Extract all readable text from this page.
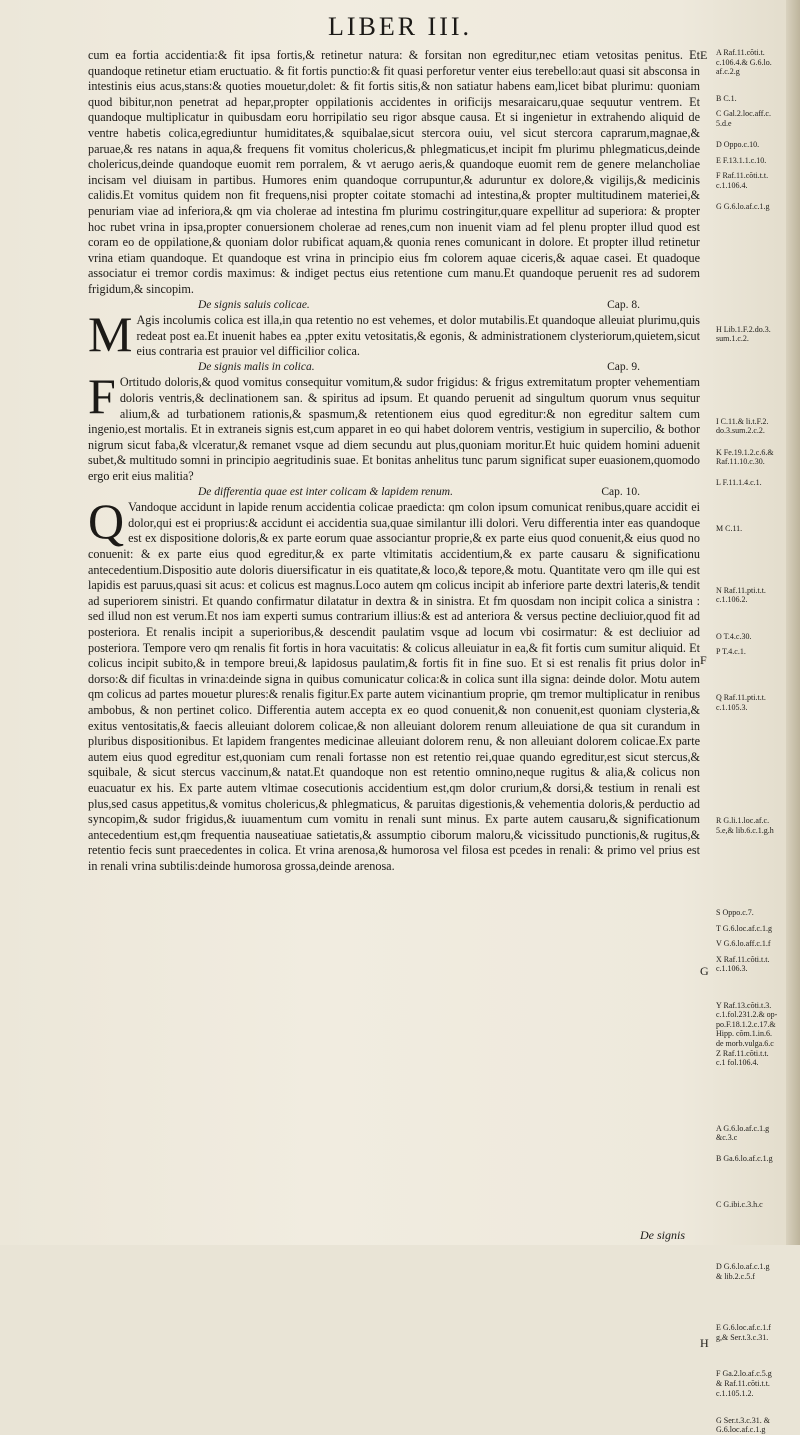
LIBER III.

cum ea fortia accidentia:& fit ipsa fortis,& retinetur natura: & forsitan non egreditur,nec etiam vetositas penitus. Et quandoque retinetur etiam eructuatio. & fit fortis punctio:& fit quasi perforetur venter eius terebello:aut quasi sit absconsa in intestinis eius acus,stans:& quoties mouetur,dolet: & fit fortis sitis,& non satiatur habens eam,licet bibat plurimu: quoniam quod bibitur,non penetrat ad hepar,propter oppilationis accidentes in orificijs mesaraicaru,quae sequutur ventrem. Et quandoque multiplicatur in quibusdam eoru horripilatio seu rigor absque causa. Et si ingenietur in extrahendo aliquid de ventre habetis colica,egrediuntur humiditates,& squibalae,sicut stercora ouiu, vel sicut stercora caprarum,magnae,& paruae,& res natans in aqua,& frequens fit vomitus cholericus,& phlegmaticus,et incipit fm plurimu phlegmaticus,deinde cholericus,deinde quandoque euomit rem porralem, & vt aerugo aeris,& quandoque euomit rem de genere melancholiae incisam vel diuisam in partibus. Humores enim quandoque corrupuntur,& aduruntur ex dolore,& vigilijs,& medicinis calidis.Et vomitus quidem non fit frequens,nisi propter coitate stomachi ad intestina,& propter multitudinem materiei,& penuriam viae ad inferiora,& qm via cholerae ad intestina fm plurimu costringitur,quare expellitur ad superiora: & propter hoc rubet vrina in ipsa,propter conuersionem cholerae ad renes,cum non inuenit viam ad fel plenu propter illud quod est coram eo de oppilatione,& quoniam dolor rubificat aquam,& quonia renes comunicant in dolore. Et propter illud retinetur vrina etiam quandoque. Et quandoque est vrina in principio eius fm colorem aquae ciceris,& aquae casei. Et quadoque associatur ei tremor cordis maximus: & indiget pectus eius retentione cum manu.Et quandoque peruenit res ad sudorem frigidum,& sincopim.

De signis saluis colicae.	Cap. 8.

M Agis incolumis colica est illa,in qua retentio no est vehemes, et dolor mutabilis.Et quandoque alleuiat plurimu,quis redeat post ea.Et inuenit habes ea ,ppter exitu vetositatis,& egonis, & administrationem clysteriorum,quietem,sicut eius contraria est prauior vel difficilior colica.

De signis malis in colica.	Cap. 9.

F Ortitudo doloris,& quod vomitus consequitur vomitum,& sudor frigidus: & frigus extremitatum propter vehementiam doloris ventris,& declinationem san. & spiritus ad ipsum. Et quando peruenit ad singultum quorum vnus sequitur alium,& ad turbationem rationis,& spasmum,& retentionem eius quod egreditur:& non egreditur saltem cum ingenio,est mortalis. Et in extraneis signis est,cum apparet in eo qui habet dolorem ventris, vestigium in supercilio, & bothor nigrum sicut faba,& vlceratur,& remanet vsque ad diem secundu aut plus,quoniam moritur.Et huic quidem homini aduenit subet,& multitudo somni in principio aegritudinis suae. Et bonitas anhelitus tunc parum significat super euasionem,quomodo ergo erit eius malitia?

De differentia quae est inter colicam & lapidem renum.	Cap. 10.

Q Vandoque accidunt in lapide renum accidentia colicae praedicta: qm colon ipsum comunicat renibus,quare accidit ei dolor,qui est ei proprius:& accidunt ei accidentia sua,quae similantur illi dolori. Veru differentia inter eas quandoque est ex dispositione doloris,& ex parte eorum quae associantur proprie,& ex parte eius quod conuenit,& eius quod no conuenit: & ex parte eius quod egreditur,& ex parte vltimitatis accidentium,& ex parte causaru & significationu antecedentium.Dispositio aute doloris diuersificatur in eis quatitate,& loco,& tepore,& motu. Quantitate vero qm ille qui est lapidis est paruus,quasi sit acus: et colicus est magnus.Loco autem qm colicus incipit ab inferiore parte dextri lateris,& tendit ad superiorem sinistri. Et quando confirmatur dilatatur in dextra & in sinistra. Et fm quosdam non incipit colica a sinistra : sed illud non est verum.Et nos iam experti sumus contrarium illius:& est ad anteriora & versus pectine decliuior,quod fit ad posteriora. Et renalis incipit a superioribus,& descendit paulatim vsque ad locum vbi cosirmatur: & est decliuior ad posteriora. Tempore vero qm renalis fit fortis in hora vacuitatis: & colicus alleuiatur in ea,& fit fortis cum sumitur aliquid. Et colicus incipit subito,& in tempore breui,& lapidosus paulatim,& fortis fit in fine suo. Et si est renalis fit prius dolor in dorso:& dif ficultas in vrina:deinde signa in quibus comunicatur colica:& in colica sunt illa signa: deinde dolor. Motu autem qm colicus ad partes mouetur plures:& renalis figitur.Ex parte autem vicinantium proprie, qm tremor multiplicatur in renibus ambobus, & non pertinet colico. Differentia autem accepta ex eo quod conuenit,& non conuenit,est quoniam clysteria,& exitus ventositatis,& faecis alleuiant dolorem colicae,& non alleuiant dolorem renum alleuiatione de qua sit curandum in pluribus dispositionibus. Et lapidem frangentes medicinae alleuiant dolorem renu, & non alleuiant dolorem colicae.Ex parte autem eius quod egreditur est,quoniam cum renali fortasse non est retentio rei,quae quando egreditur,est sicut stercus,& squibale, & sicut stercus vaccinum,& natat.Et quandoque non est retentio omnino,neque rugitus & alia,& colicus non euacuatur ex his. Ex parte autem vltimae cosecutionis accidentium est,qm dolor crurium,& dorsi,& testium in renali est plus,sed casus appetitus,& vomitus cholericus,& phlegmaticus, & paruitas digestionis,& vehementia doloris,& perductio ad syncopim,& sudor frigidus,& iuuamentum cum vomitu in renali sunt minus. Ex parte autem causaru,& significationum antecedentium est,qm frequentia nauseatiuae satietatis,& assumptio ciborum maloru,& vicissitudo punctionis,& rugitus,& retentio fecis sunt praecedentes in colica. Et vrina arenosa,& humorosa vel filosa est pcedes in renali: & primo vel prius est in renali vrina subtilis:deinde humorosa grossa,deinde arenosa.

E
F
G
H
A Raf.11.cõti.t.
c.106.4.& G.6.lo.
af.c.2.g
B C.1.
C Gal.2.loc.aff.c.
5.d.e
D Oppo.c.10.
E F.13.1.1.c.10.
F Raf.11.cõti.t.t.
c.1.106.4.
G G.6.lo.af.c.1.g
H Lib.1.F.2.do.3.
sum.1.c.2.
I C.11.& li.t.F.2.
do.3.sum.2.c.2.
K Fe.19.1.2.c.6.&
Raf.11.10.c.30.
L F.11.1.4.c.1.
M C.11.
N Raf.11.pti.t.t.
c.1.106.2.
O T.4.c.30.
P T.4.c.1.
Q Raf.11.pti.t.t.
c.1.105.3.
R G.li.1.loc.af.c.
5.e,& lib.6.c.1.g.h
S Oppo.c.7.
T G.6.loc.af.c.1.g
V G.6.lo.aff.c.1.f
X Raf.11.cõti.t.t.
c.1.106.3.
Y Raf.13.cõti.t.3.
c.1.fol.231.2.& op-
po.F.18.1.2.c.17.&
Hipp. cõm.1.in.6.
de morb.vulga.6.c
Z Raf.11.cõti.t.t.
c.1 fol.106.4.
A G.6.lo.af.c.1.g
&c.3.c
B Ga.6.lo.af.c.1.g
C G.ibi.c.3.h.c
D G.6.lo.af.c.1.g
& lib.2.c.5.f
E G.6.loc.af.c.1.f
g,& Ser.t.3.c.31.
F Ga.2.lo.af.c.5.g
& Raf.11.cõti.t.t.
c.1.105.1.2.
G Ser.t.3.c.31. &
G.6.loc.af.c.1.g
De signis
